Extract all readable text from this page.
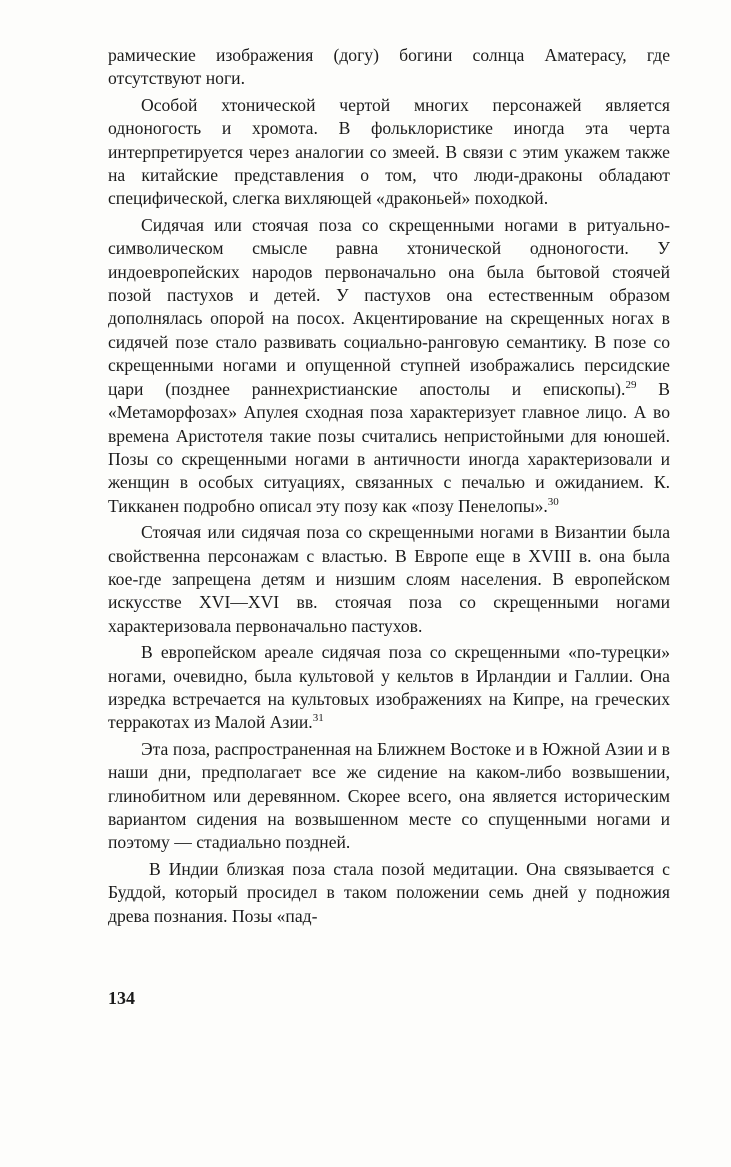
рамические изображения (догу) богини солнца Аматерасу, где отсутствуют ноги.

Особой хтонической чертой многих персонажей является одноногость и хромота. В фольклористике иногда эта черта интерпретируется через аналогии со змеей. В связи с этим укажем также на китайские представления о том, что люди-драконы обладают специфической, слегка вихляющей «драконьей» походкой.

Сидячая или стоячая поза со скрещенными ногами в ритуально-символическом смысле равна хтонической одноногости. У индоевропейских народов первоначально она была бытовой стоячей позой пастухов и детей. У пастухов она естественным образом дополнялась опорой на посох. Акцентирование на скрещенных ногах в сидячей позе стало развивать социально-ранговую семантику. В позе со скрещенными ногами и опущенной ступней изображались персидские цари (позднее раннехристианские апостолы и епископы).$^{29}$ В «Метаморфозах» Апулея сходная поза характеризует главное лицо. А во времена Аристотеля такие позы считались непристойными для юношей. Позы со скрещенными ногами в античности иногда характеризовали и женщин в особых ситуациях, связанных с печалью и ожиданием. К. Тикканен подробно описал эту позу как «позу Пенелопы».$^{30}$

Стоячая или сидячая поза со скрещенными ногами в Византии была свойственна персонажам с властью. В Европе еще в XVIII в. она была кое-где запрещена детям и низшим слоям населения. В европейском искусстве XVI—XVI вв. стоячая поза со скрещенными ногами характеризовала первоначально пастухов.

В европейском ареале сидячая поза со скрещенными «по-турецки» ногами, очевидно, была культовой у кельтов в Ирландии и Галлии. Она изредка встречается на культовых изображениях на Кипре, на греческих терракотах из Малой Азии.$^{31}$

Эта поза, распространенная на Ближнем Востоке и в Южной Азии и в наши дни, предполагает все же сидение на каком-либо возвышении, глинобитном или деревянном. Скорее всего, она является историческим вариантом сидения на возвышенном месте со спущенными ногами и поэтому — стадиально поздней.

В Индии близкая поза стала позой медитации. Она связывается с Буддой, который просидел в таком положении семь дней у подножия древа познания. Позы «пад-

134
